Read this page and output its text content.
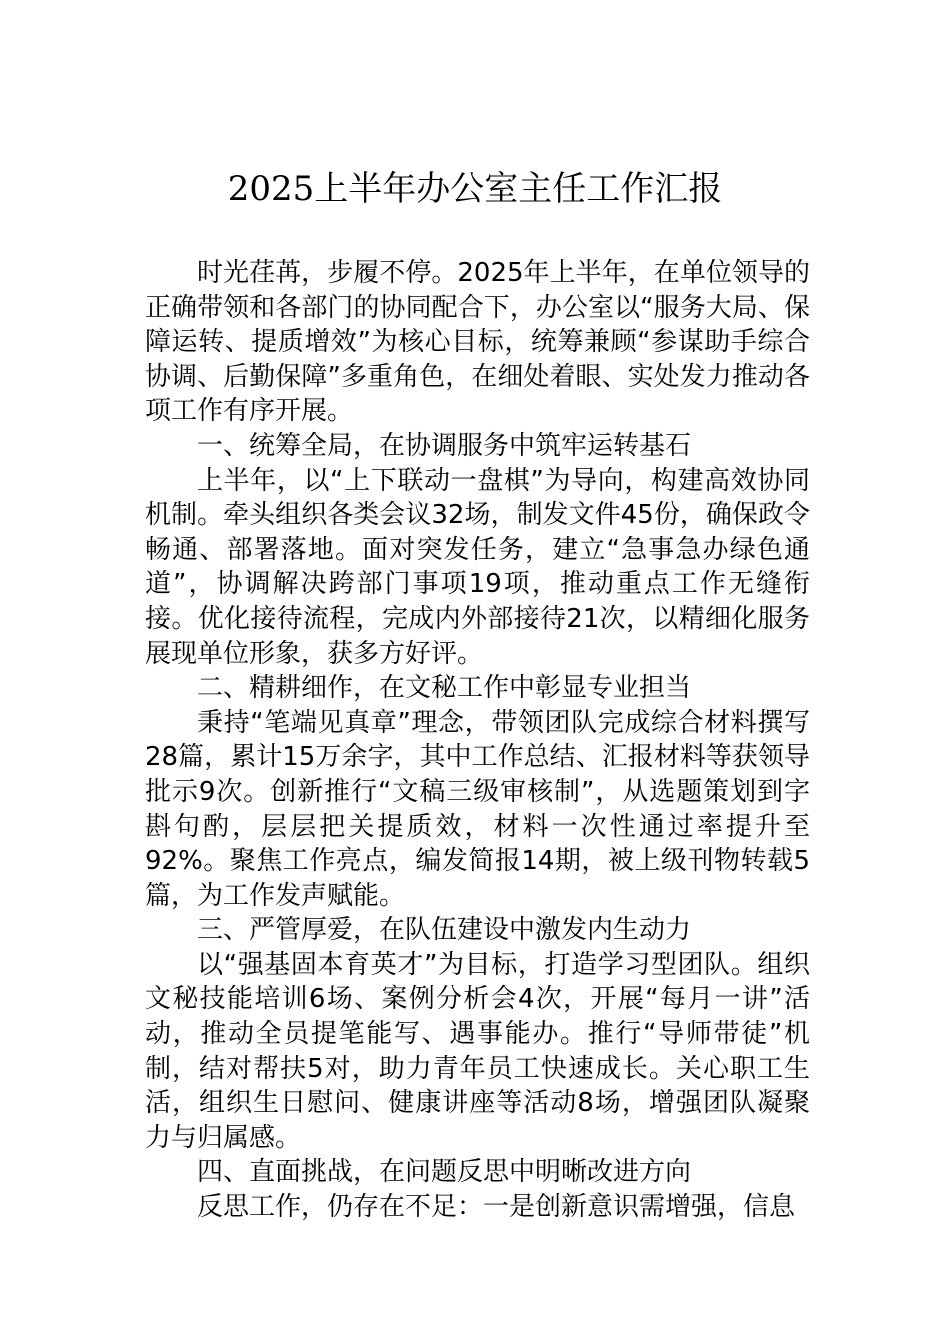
2025上半年办公室主任工作汇报

时光荏苒，步履不停。2025年上半年，在单位领导的正确带领和各部门的协同配合下，办公室以“服务大局、保障运转、提质增效”为核心目标，统筹兼顾“参谋助手综合协调、后勤保障”多重角色，在细处着眼、实处发力推动各项工作有序开展。

一、统筹全局，在协调服务中筑牢运转基石

上半年，以“上下联动一盘棋”为导向，构建高效协同机制。牵头组织各类会议32场，制发文件45份，确保政令畅通、部署落地。面对突发任务，建立“急事急办绿色通道”，协调解决跨部门事项19项，推动重点工作无缝衔接。优化接待流程，完成内外部接待21次，以精细化服务展现单位形象，获多方好评。

二、精耕细作，在文秘工作中彰显专业担当

秉持“笔端见真章”理念，带领团队完成综合材料撰写28篇，累计15万余字，其中工作总结、汇报材料等获领导批示9次。创新推行“文稿三级审核制”，从选题策划到字斟句酌，层层把关提质效，材料一次性通过率提升至92%。聚焦工作亮点，编发简报14期，被上级刊物转载5篇，为工作发声赋能。

三、严管厚爱，在队伍建设中激发内生动力

以“强基固本育英才”为目标，打造学习型团队。组织文秘技能培训6场、案例分析会4次，开展“每月一讲”活动，推动全员提笔能写、遇事能办。推行“导师带徒”机制，结对帮扶5对，助力青年员工快速成长。关心职工生活，组织生日慰问、健康讲座等活动8场，增强团队凝聚力与归属感。

四、直面挑战，在问题反思中明晰改进方向

反思工作，仍存在不足：一是创新意识需增强，信息
